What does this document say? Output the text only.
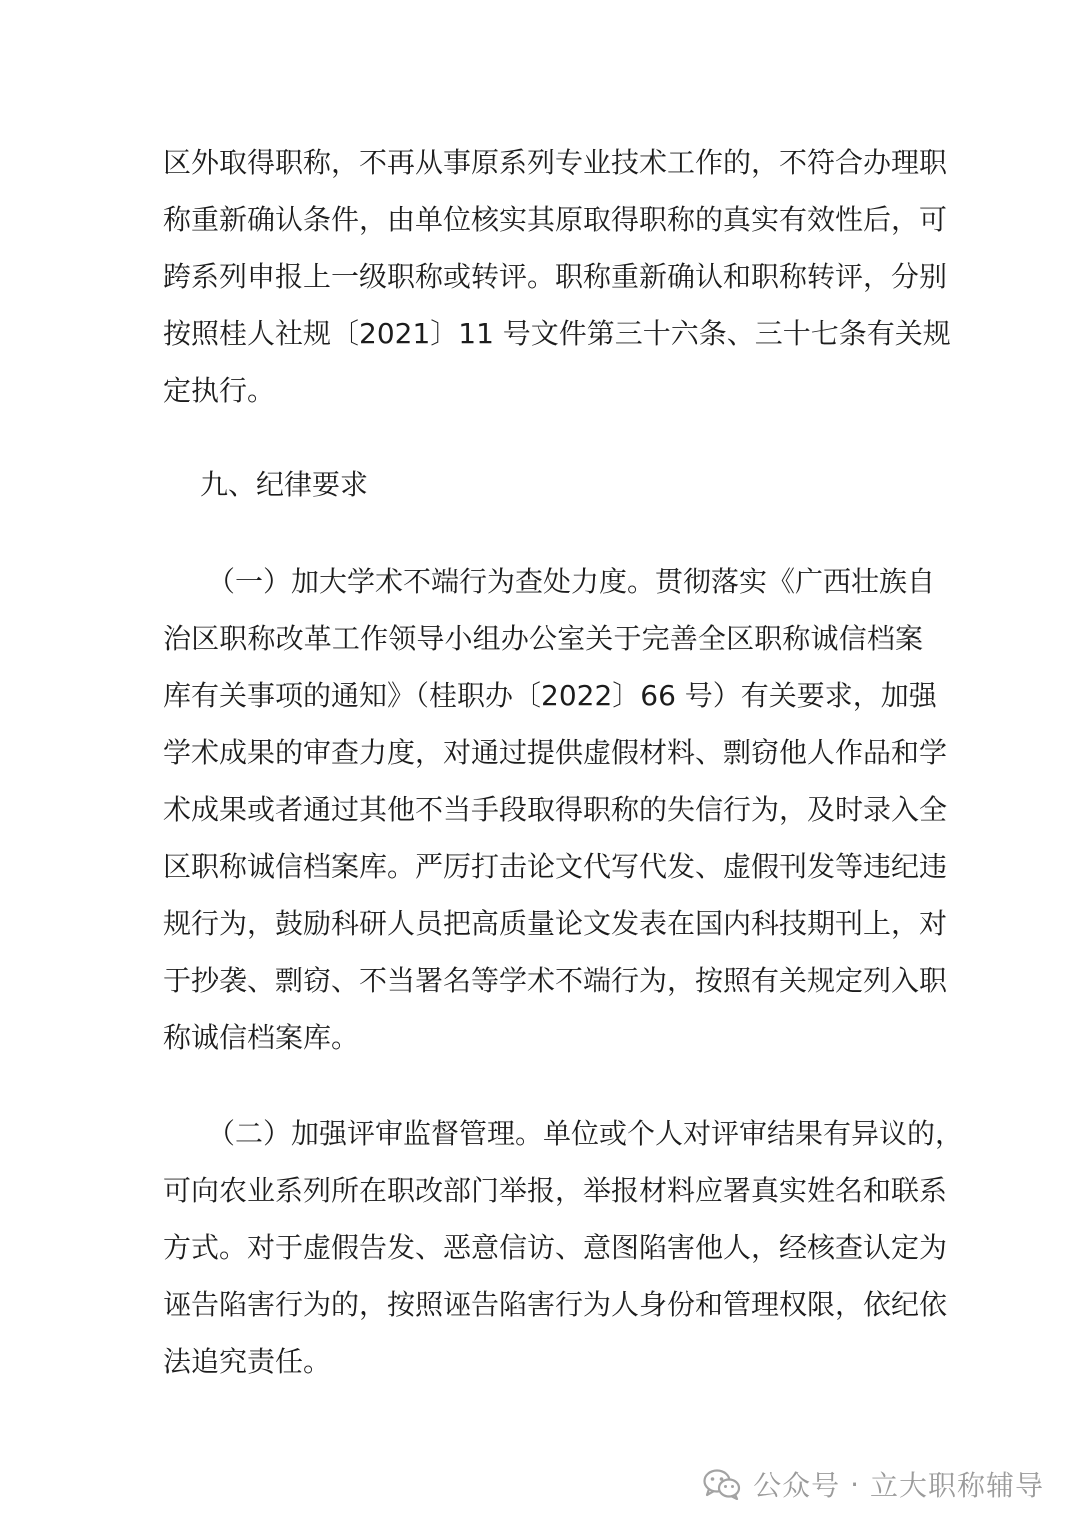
区外取得职称，不再从事原系列专业技术工作的，不符合办理职
称重新确认条件，由单位核实其原取得职称的真实有效性后，可
跨系列申报上一级职称或转评。职称重新确认和职称转评，分别
按照桂人社规〔2021〕11 号文件第三十六条、三十七条有关规
定执行。
九、纪律要求
（一）加大学术不端行为查处力度。贯彻落实《广西壮族自
治区职称改革工作领导小组办公室关于完善全区职称诚信档案
库有关事项的通知》（桂职办〔2022〕66 号）有关要求，加强
学术成果的审查力度，对通过提供虚假材料、剽窃他人作品和学
术成果或者通过其他不当手段取得职称的失信行为，及时录入全
区职称诚信档案库。严厉打击论文代写代发、虚假刊发等违纪违
规行为，鼓励科研人员把高质量论文发表在国内科技期刊上，对
于抄袭、剽窃、不当署名等学术不端行为，按照有关规定列入职
称诚信档案库。
（二）加强评审监督管理。单位或个人对评审结果有异议的，
可向农业系列所在职改部门举报，举报材料应署真实姓名和联系
方式。对于虚假告发、恶意信访、意图陷害他人，经核查认定为
诬告陷害行为的，按照诬告陷害行为人身份和管理权限，依纪依
法追究责任。
公众号 · 立大职称辅导
